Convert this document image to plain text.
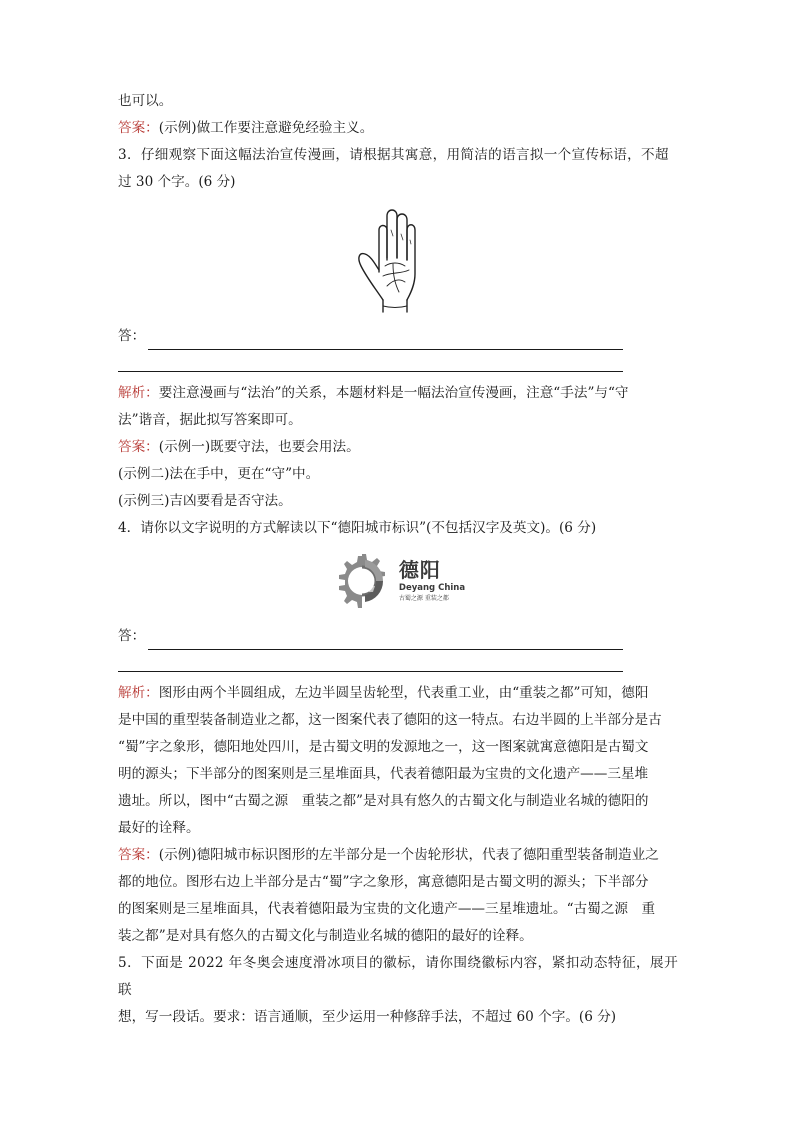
也可以。

答案：(示例)做工作要注意避免经验主义。

3．仔细观察下面这幅法治宣传漫画，请根据其寓意，用简洁的语言拟一个宣传标语，不超

过 30 个字。(6 分)

答：

解析：要注意漫画与“法治”的关系，本题材料是一幅法治宣传漫画，注意“手法”与“守

法”谐音，据此拟写答案即可。

答案：(示例一)既要守法，也要会用法。

(示例二)法在手中，更在“守”中。

(示例三)吉凶要看是否守法。

4．请你以文字说明的方式解读以下“德阳城市标识”(不包括汉字及英文)。(6 分)

德阳
Deyang China
古蜀之源 重装之都
答：

解析：图形由两个半圆组成，左边半圆呈齿轮型，代表重工业，由“重装之都”可知，德阳

是中国的重型装备制造业之都，这一图案代表了德阳的这一特点。右边半圆的上半部分是古

“蜀”字之象形，德阳地处四川，是古蜀文明的发源地之一，这一图案就寓意德阳是古蜀文

明的源头；下半部分的图案则是三星堆面具，代表着德阳最为宝贵的文化遗产——三星堆

遗址。所以，图中“古蜀之源　重装之都”是对具有悠久的古蜀文化与制造业名城的德阳的

最好的诠释。

答案：(示例)德阳城市标识图形的左半部分是一个齿轮形状，代表了德阳重型装备制造业之

都的地位。图形右边上半部分是古“蜀”字之象形，寓意德阳是古蜀文明的源头；下半部分

的图案则是三星堆面具，代表着德阳最为宝贵的文化遗产——三星堆遗址。“古蜀之源　重

装之都”是对具有悠久的古蜀文化与制造业名城的德阳的最好的诠释。

5．下面是 2022 年冬奥会速度滑冰项目的徽标，请你围绕徽标内容，紧扣动态特征，展开联

想，写一段话。要求：语言通顺，至少运用一种修辞手法，不超过 60 个字。(6 分)
